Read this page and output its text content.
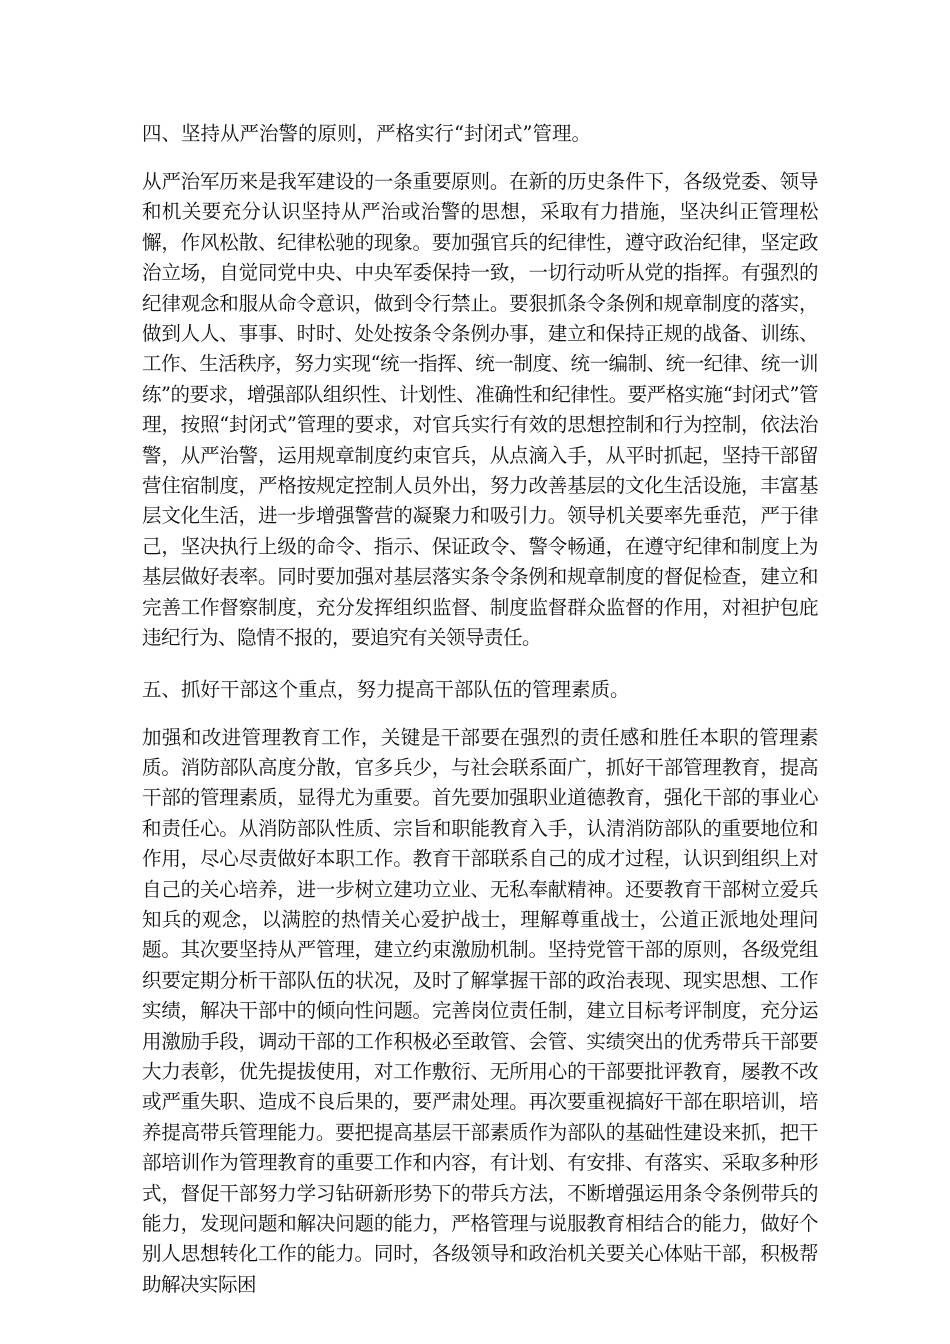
四、坚持从严治警的原则，严格实行“封闭式”管理。

从严治军历来是我军建设的一条重要原则。在新的历史条件下，各级党委、领导和机关要充分认识坚持从严治或治警的思想，采取有力措施，坚决纠正管理松懈，作风松散、纪律松驰的现象。要加强官兵的纪律性，遵守政治纪律，坚定政治立场，自觉同党中央、中央军委保持一致，一切行动听从党的指挥。有强烈的纪律观念和服从命令意识，做到令行禁止。要狠抓条令条例和规章制度的落实，做到人人、事事、时时、处处按条令条例办事，建立和保持正规的战备、训练、工作、生活秩序，努力实现“统一指挥、统一制度、统一编制、统一纪律、统一训练”的要求，增强部队组织性、计划性、准确性和纪律性。要严格实施“封闭式”管理，按照“封闭式”管理的要求，对官兵实行有效的思想控制和行为控制，依法治警，从严治警，运用规章制度约束官兵，从点滴入手，从平时抓起，坚持干部留营住宿制度，严格按规定控制人员外出，努力改善基层的文化生活设施，丰富基层文化生活，进一步增强警营的凝聚力和吸引力。领导机关要率先垂范，严于律己，坚决执行上级的命令、指示、保证政令、警令畅通，在遵守纪律和制度上为基层做好表率。同时要加强对基层落实条令条例和规章制度的督促检查，建立和完善工作督察制度，充分发挥组织监督、制度监督群众监督的作用，对袒护包庇违纪行为、隐情不报的，要追究有关领导责任。

五、抓好干部这个重点，努力提高干部队伍的管理素质。

加强和改进管理教育工作，关键是干部要在强烈的责任感和胜任本职的管理素质。消防部队高度分散，官多兵少，与社会联系面广，抓好干部管理教育，提高干部的管理素质，显得尤为重要。首先要加强职业道德教育，强化干部的事业心和责任心。从消防部队性质、宗旨和职能教育入手，认清消防部队的重要地位和作用，尽心尽责做好本职工作。教育干部联系自己的成才过程，认识到组织上对自己的关心培养，进一步树立建功立业、无私奉献精神。还要教育干部树立爱兵知兵的观念，以满腔的热情关心爱护战士，理解尊重战士，公道正派地处理问题。其次要坚持从严管理，建立约束激励机制。坚持党管干部的原则，各级党组织要定期分析干部队伍的状况，及时了解掌握干部的政治表现、现实思想、工作实绩，解决干部中的倾向性问题。完善岗位责任制，建立目标考评制度，充分运用激励手段，调动干部的工作积极必至敢管、会管、实绩突出的优秀带兵干部要大力表彰，优先提拔使用，对工作敷衍、无所用心的干部要批评教育，屡教不改或严重失职、造成不良后果的，要严肃处理。再次要重视搞好干部在职培训，培养提高带兵管理能力。要把提高基层干部素质作为部队的基础性建设来抓，把干部培训作为管理教育的重要工作和内容，有计划、有安排、有落实、采取多种形式，督促干部努力学习钻研新形势下的带兵方法，不断增强运用条令条例带兵的能力，发现问题和解决问题的能力，严格管理与说服教育相结合的能力，做好个别人思想转化工作的能力。同时，各级领导和政治机关要关心体贴干部，积极帮助解决实际困
